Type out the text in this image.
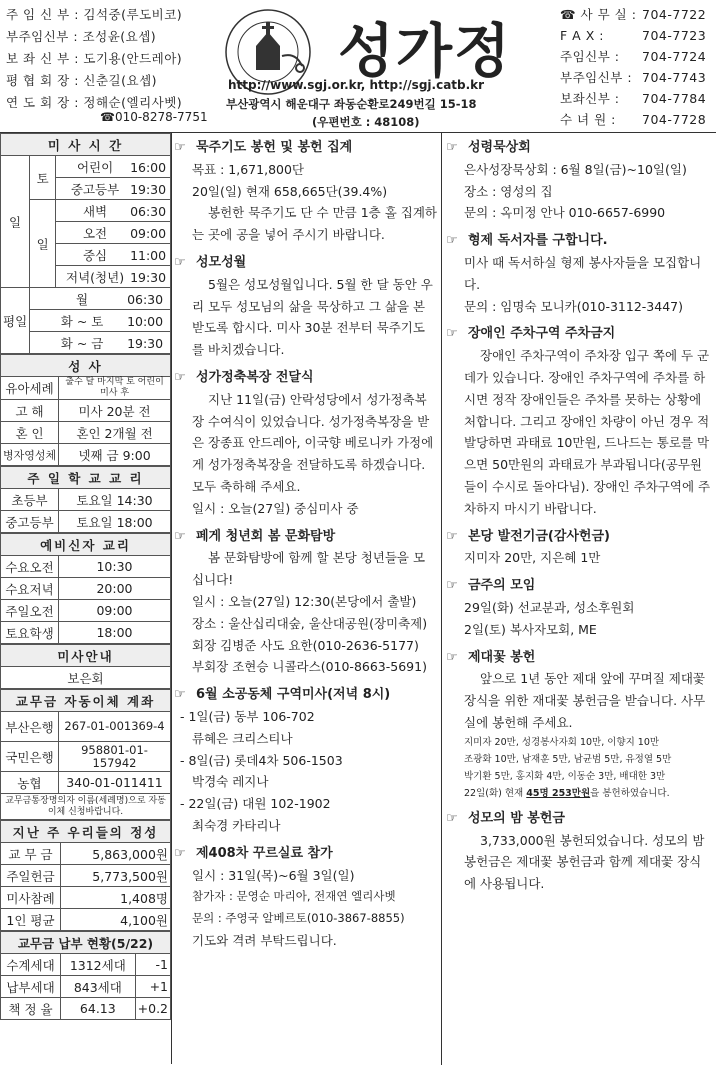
주 임 신 부 : 김석중(루도비코)
부주임신부 : 조성윤(요셉)
보 좌 신 부 : 도기용(안드레아)
평 협 회 장 : 신춘길(요셉)
연 도 회 장 : 정해순(엘리사벳)
☎010-8278-7751
성가정
http://www.sgj.or.kr, http://sgj.catb.kr
부산광역시 해운대구 좌동순환로249번길 15-18
(우편번호 : 48108)
☎ 사 무 실 : 704-7722
F A X :	704-7723
주임신부 : 704-7724
부주임신부 : 704-7743
보좌신부 : 704-7784
수 녀 원 : 704-7728
미 사 시 간		
일	토	어린이 16:00
		중고등부 19:30
	일	새벽 06:30
		오전 09:00
		중심 11:00
		저녁(청년) 19:30
평일	월 06:30	
	화 ~ 토 10:00	
	화 ~ 금 19:30	
성 사	
유아세례	출수 달 마지막 토 어린이 미사 후
고 해	미사 20분 전
혼 인	혼인 2개월 전
병자영성체	넷째 금 9:00
주 일 학 교 교 리	
초등부	토요일 14:30
중고등부	토요일 18:00
예비신자 교리	
수요오전	10:30
수요저녁	20:00
주일오전	09:00
토요학생	18:00
미사안내
보은회
교무금 자동이체 계좌	
부산은행	267-01-001369-4
국민은행	958801-01-157942
농협	340-01-011411
교무금통장명의자 이름(세례명)으로 자동이체 신청바랍니다.	
지난 주 우리들의 정성	
교 무 금	5,863,000원
주일헌금	5,773,500원
미사참례	1,408명
1인 평균	4,100원
교무금 납부 현황(5/22)		
수계세대	1312세대	-1
납부세대	843세대	+1
책 정 율	64.13	+0.2
☞ 묵주기도 봉헌 및 봉헌 집계
목표 : 1,671,800단
20일(일) 현재 658,665단(39.4%)
봉헌한 묵주기도 단 수 만큼 1층 홀 집계하는 곳에 공을 넣어 주시기 바랍니다.
☞ 성모성월
5월은 성모성월입니다. 5월 한 달 동안 우리 모두 성모님의 삶을 묵상하고 그 삶을 본받도록 합시다. 미사 30분 전부터 묵주기도를 바치겠습니다.
☞ 성가정축복장 전달식
지난 11일(금) 안락성당에서 성가정축복장 수여식이 있었습니다. 성가정축복장을 받은 장종표 안드레아, 이국향 베로니카 가정에게 성가정축복장을 전달하도록 하겠습니다. 모두 축하해 주세요.
일시 : 오늘(27일) 중심미사 중
☞ 페게 청년회 봄 문화탐방
봄 문화탐방에 함께 할 본당 청년들을 모십니다!
일시 : 오늘(27일) 12:30(본당에서 출발)
장소 : 울산십리대숲, 울산대공원(장미축제)
회장 김병준 사도 요한(010-2636-5177)
부회장 조현승 니콜라스(010-8663-5691)
☞ 6월 소공동체 구역미사(저녁 8시)
- 1일(금) 동부 106-702
류혜은 크리스티나
- 8일(금) 롯데4차 506-1503
박경숙 레지나
- 22일(금) 대원 102-1902
최숙경 카타리나
☞ 제408차 꾸르실료 참가
일시 : 31일(목)~6월 3일(일)
참가자 : 문영순 마리아, 전재연 엘리사벳
문의 : 주영국 알베르토(010-3867-8855)
기도와 격려 부탁드립니다.
☞ 성령묵상회
은사성장묵상회 : 6월 8일(금)~10일(일)
장소 : 영성의 집
문의 : 옥미정 안나 010-6657-6990
☞ 형제 독서자를 구합니다.
미사 때 독서하실 형제 봉사자들을 모집합니다.
문의 : 임명숙 모니카(010-3112-3447)
☞ 장애인 주차구역 주차금지
장애인 주차구역이 주차장 입구 쪽에 두 군데가 있습니다. 장애인 주차구역에 주차를 하시면 정작 장애인들은 주차를 못하는 상황에 처합니다. 그리고 장애인 차량이 아닌 경우 적발당하면 과태료 10만원, 드나드는 통로를 막으면 50만원의 과태료가 부과됩니다(공무원들이 수시로 돌아다님). 장애인 주차구역에 주차하지 마시기 바랍니다.
☞ 본당 발전기금(감사헌금)
지미자 20만, 지은혜 1만
☞ 금주의 모임
29일(화) 선교분과, 성소후원회
2일(토) 복사자모회, ME
☞ 제대꽃 봉헌
앞으로 1년 동안 제대 앞에 꾸며질 제대꽃 장식을 위한 재대꽃 봉헌금을 받습니다. 사무실에 봉헌해 주세요.
지미자 20만, 성경봉사자회 10만, 이향지 10만
조광화 10만, 남재훈 5만, 남균범 5만, 유정열 5만
박기환 5만, 홍지화 4만, 이동순 3만, 배대한 3만
22일(화) 현재 45명 253만원을 봉헌하였습니다.
☞ 성모의 밤 봉헌금
3,733,000원 봉헌되었습니다. 성모의 밤 봉헌금은 제대꽃 봉헌금과 함께 제대꽃 장식에 사용됩니다.
